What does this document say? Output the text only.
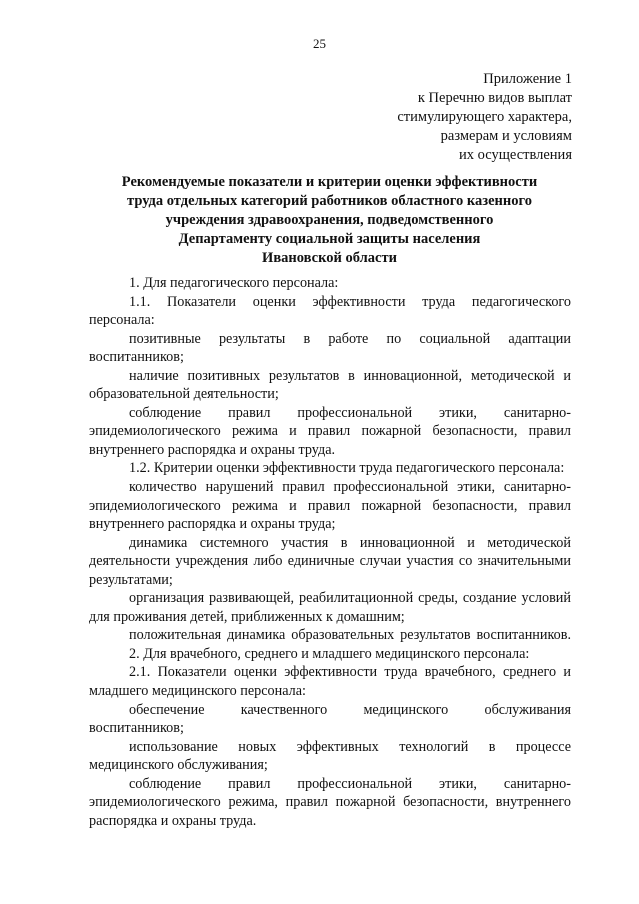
25
Приложение 1
к Перечню видов выплат
стимулирующего характера,
размерам и условиям
их осуществления
Рекомендуемые показатели и критерии оценки эффективности
труда отдельных категорий работников областного казенного
учреждения здравоохранения, подведомственного
Департаменту социальной защиты населения
Ивановской области

1. Для педагогического персонала:

1.1. Показатели оценки эффективности труда педагогического персонала:

позитивные результаты в работе по социальной адаптации воспитанников;

наличие позитивных результатов в инновационной, методической и образовательной деятельности;

соблюдение правил профессиональной этики, санитарно-эпидемиологического режима и правил пожарной безопасности, правил внутреннего распорядка и охраны труда.

1.2. Критерии оценки эффективности труда педагогического персонала:

количество нарушений правил профессиональной этики, санитарно-эпидемиологического режима и правил пожарной безопасности, правил внутреннего распорядка и охраны труда;

динамика системного участия в инновационной и методической деятельности учреждения либо единичные случаи участия со значительными результатами;

организация развивающей, реабилитационной среды, создание условий для проживания детей, приближенных к домашним;

положительная динамика образовательных результатов воспитанников.

2. Для врачебного, среднего и младшего медицинского персонала:

2.1. Показатели оценки эффективности труда врачебного, среднего и младшего медицинского персонала:

обеспечение качественного медицинского обслуживания воспитанников;

использование новых эффективных технологий в процессе медицинского обслуживания;

соблюдение правил профессиональной этики, санитарно-эпидемиологического режима, правил пожарной безопасности, внутреннего распорядка и охраны труда.
